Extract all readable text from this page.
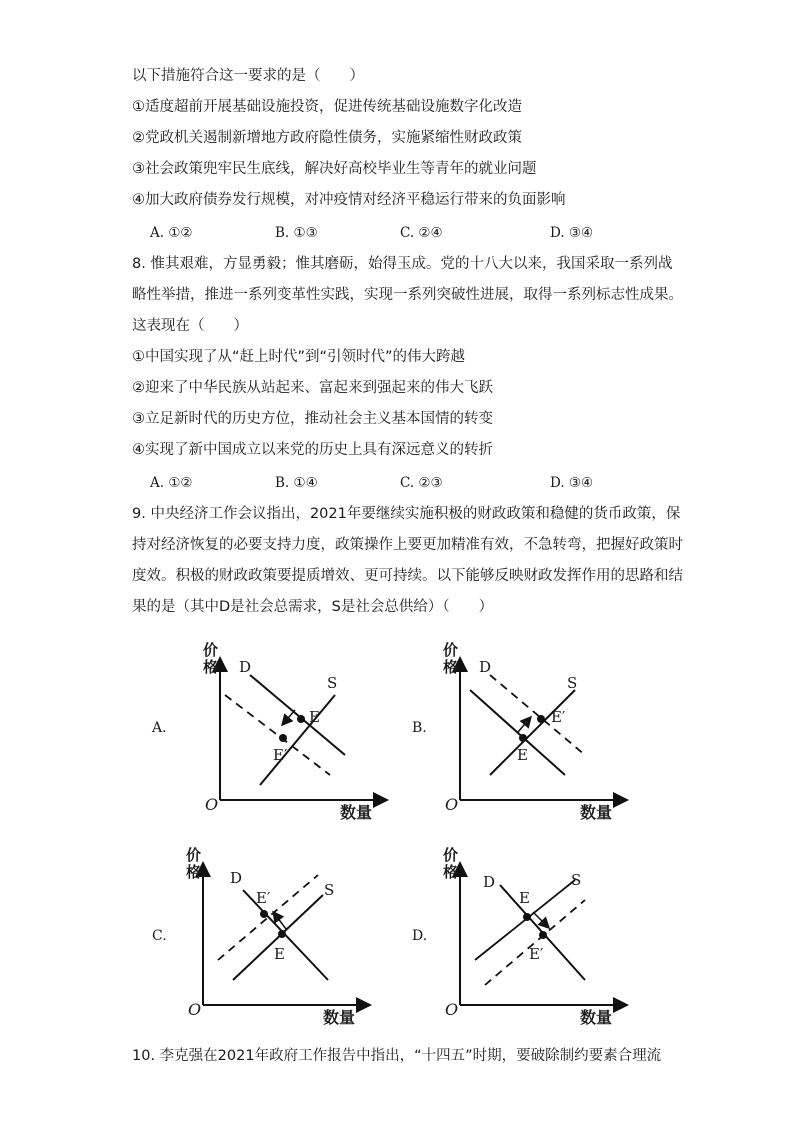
以下措施符合这一要求的是（　　）
①适度超前开展基础设施投资，促进传统基础设施数字化改造
②党政机关遏制新增地方政府隐性债务，实施紧缩性财政政策
③社会政策兜牢民生底线，解决好高校毕业生等青年的就业问题
④加大政府债券发行规模，对冲疫情对经济平稳运行带来的负面影响
A. ①②	B. ①③	C. ②④	D. ③④
8. 惟其艰难，方显勇毅；惟其磨砺，始得玉成。党的十八大以来，我国采取一系列战
略性举措，推进一系列变革性实践，实现一系列突破性进展，取得一系列标志性成果。
这表现在（　　）
①中国实现了从“赶上时代”到“引领时代”的伟大跨越
②迎来了中华民族从站起来、富起来到强起来的伟大飞跃
③立足新时代的历史方位，推动社会主义基本国情的转变
④实现了新中国成立以来党的历史上具有深远意义的转折
A. ①②	B. ①④	C. ②③	D. ③④
9. 中央经济工作会议指出，2021年要继续实施积极的财政政策和稳健的货币政策，保
持对经济恢复的必要支持力度，政策操作上要更加精准有效，不急转弯，把握好政策时
度效。积极的财政政策要提质增效、更可持续。以下能够反映财政发挥作用的思路和结
果的是（其中D是社会总需求，S是社会总供给）（　　）
A.
价格
数量
O
D
S
E
E′
B.
价格
数量
O
D
S
E
E′
C.
价格
数量
O
D
S
E
E′
D.
价格
数量
O
D	S
E
E′
10. 李克强在2021年政府工作报告中指出，“十四五”时期，要破除制约要素合理流
